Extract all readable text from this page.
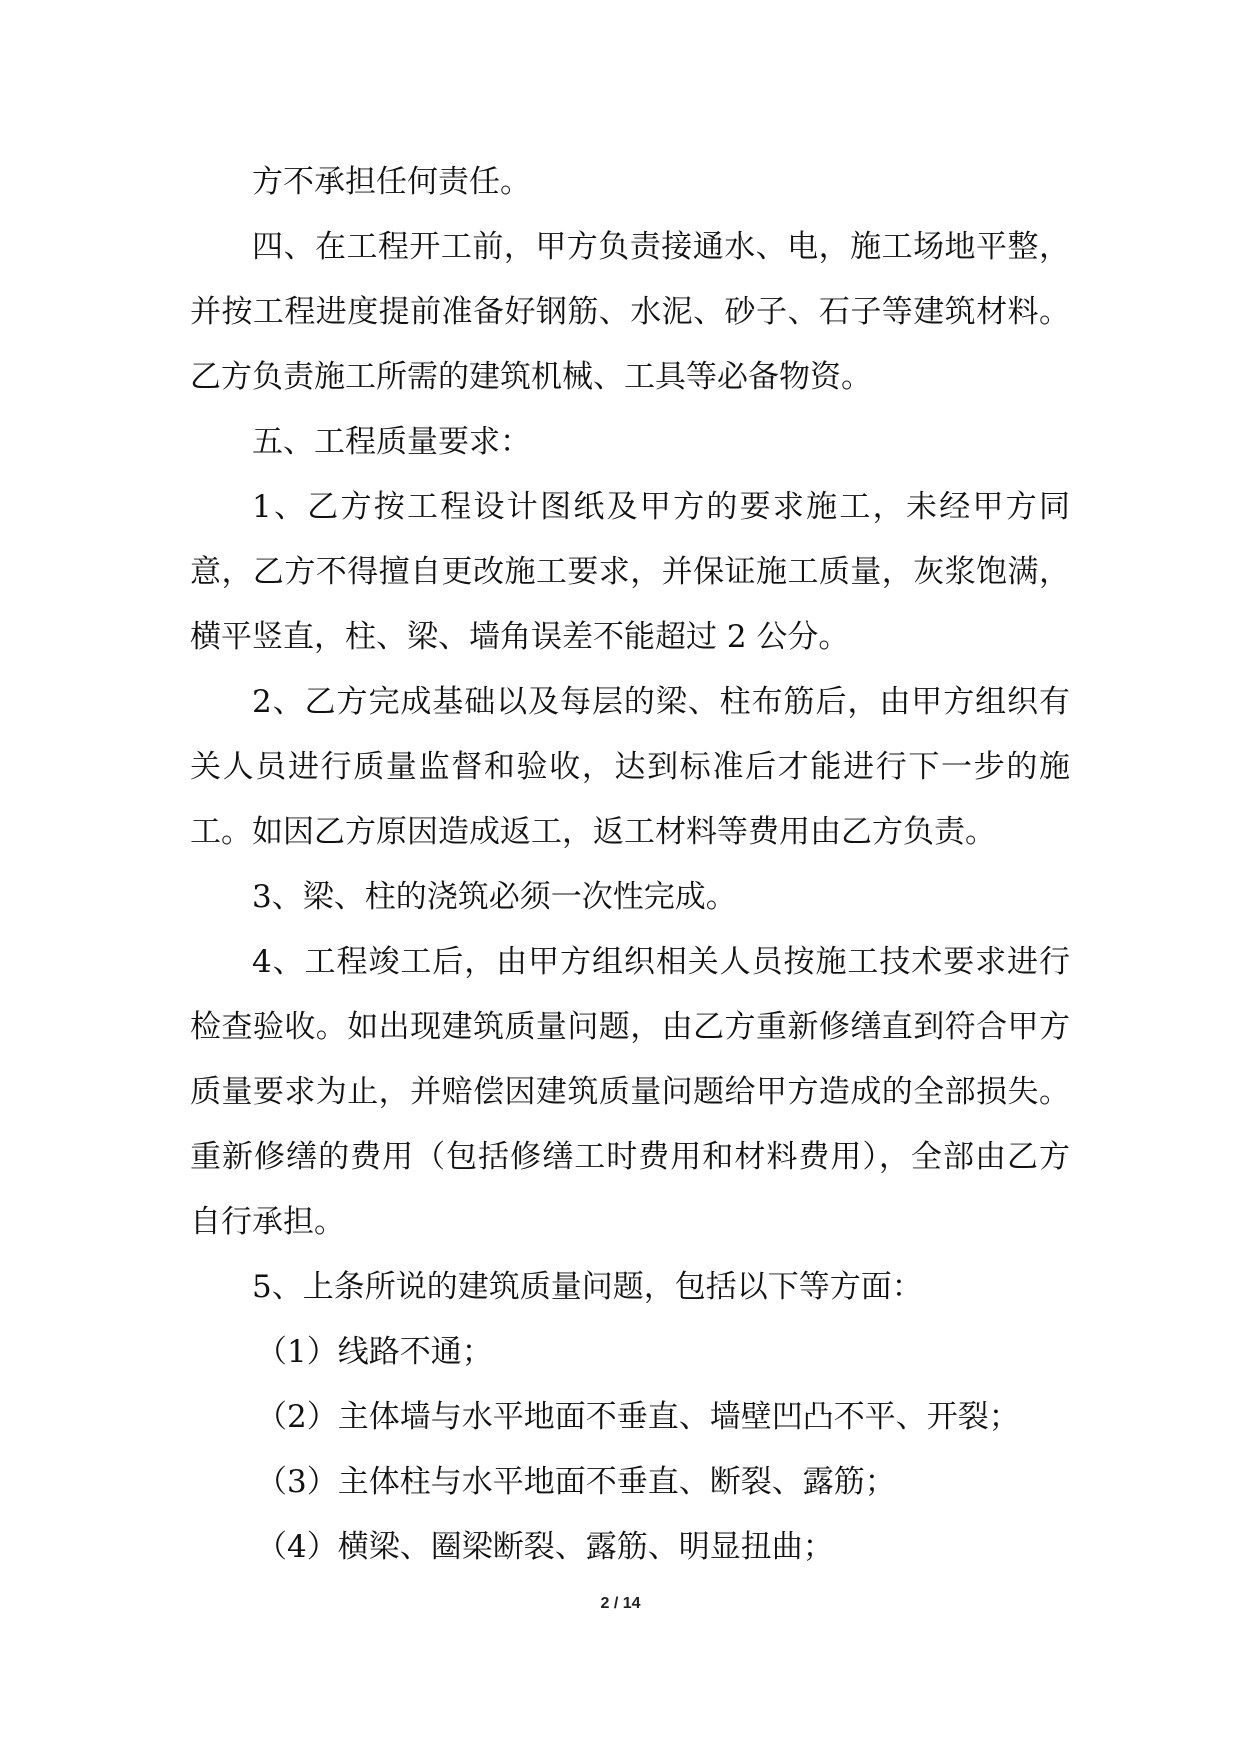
方不承担任何责任。

四、在工程开工前，甲方负责接通水、电，施工场地平整，并按工程进度提前准备好钢筋、水泥、砂子、石子等建筑材料。乙方负责施工所需的建筑机械、工具等必备物资。

五、工程质量要求：

1、乙方按工程设计图纸及甲方的要求施工，未经甲方同意，乙方不得擅自更改施工要求，并保证施工质量，灰浆饱满，横平竖直，柱、梁、墙角误差不能超过 2 公分。

2、乙方完成基础以及每层的梁、柱布筋后，由甲方组织有关人员进行质量监督和验收，达到标准后才能进行下一步的施工。如因乙方原因造成返工，返工材料等费用由乙方负责。

3、梁、柱的浇筑必须一次性完成。

4、工程竣工后，由甲方组织相关人员按施工技术要求进行检查验收。如出现建筑质量问题，由乙方重新修缮直到符合甲方质量要求为止，并赔偿因建筑质量问题给甲方造成的全部损失。重新修缮的费用（包括修缮工时费用和材料费用），全部由乙方自行承担。

5、上条所说的建筑质量问题，包括以下等方面：

（1）线路不通；

（2）主体墙与水平地面不垂直、墙壁凹凸不平、开裂；

（3）主体柱与水平地面不垂直、断裂、露筋；

（4）横梁、圈梁断裂、露筋、明显扭曲；

2 / 14
